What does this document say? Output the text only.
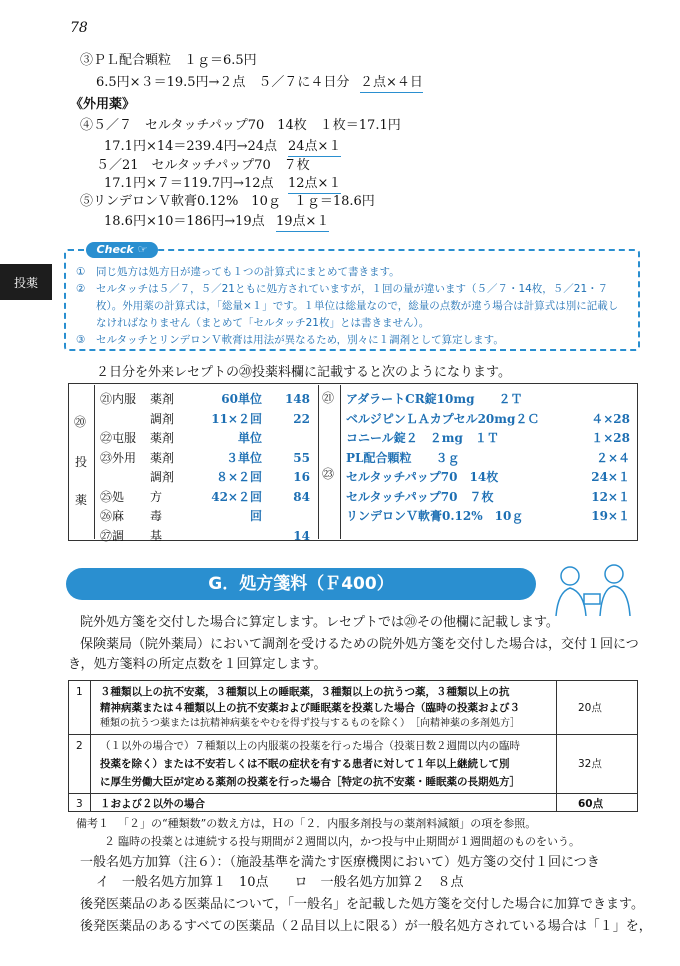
78
投薬
③ＰＬ配合顆粒　１ｇ＝6.5円
6.5円×３＝19.5円→２点　５／７に４日分 ２点×４日
《外用薬》
④５／７　セルタッチパップ70　14枚　１枚＝17.1円
17.1円×14＝239.4円→24点 24点×１
５／21　セルタッチパップ70　７枚
17.1円×７＝119.7円→12点 12点×１
⑤リンデロンＶ軟膏0.12%　10ｇ　１ｇ＝18.6円
18.6円×10＝186円→19点 19点×１
Check ☞
① 同じ処方は処方日が違っても１つの計算式にまとめて書きます。
② セルタッチは５／７，５／21ともに処方されていますが，１回の量が違います（５／７・14枚，５／21・７
枚）。外用薬の計算式は，「総量×１」です。１単位は総量なので，総量の点数が違う場合は計算式は別に記載し
なければなりません（まとめて「セルタッチ21枚」とは書きません）。
③ セルタッチとリンデロンＶ軟膏は用法が異なるため，別々に１調剤として算定します。
２日分を外来レセプトの⑳投薬料欄に記載すると次のようになります。
⑳
投
薬
㉑内服 薬剤	60単位	148
調剤	11×２回	22
㉒屯服 薬剤	単位
㉓外用 薬剤	３単位	55
調剤	８×２回	16
㉕処 方	42×２回	84
㉖麻 毒	回
㉗調 基	14
アダラートCR錠10mg　　２Ｔ
ベルジピンＬＡカプセル20mg２Ｃ	４×28
コニール錠２　２mg　１Ｔ	１×28
PL配合顆粒　　３ｇ	２×４
セルタッチパップ70　14枚	24×１
セルタッチパップ70　７枚	12×１
リンデロンＶ軟膏0.12%　10ｇ	19×１
㉑
㉓
G．処方箋料（Ｆ400）
院外処方箋を交付した場合に算定します。レセプトでは⑳その他欄に記載します。
保険薬局（院外薬局）において調剤を受けるための院外処方箋を交付した場合は，交付１回につ
き，処方箋料の所定点数を１回算定します。
1 ３種類以上の抗不安薬，３種類以上の睡眠薬，３種類以上の抗うつ薬，３種類以上の抗
精神病薬または４種類以上の抗不安薬および睡眠薬を投薬した場合（臨時の投薬および３
種類の抗うつ薬または抗精神病薬をやむを得ず投与するものを除く）　［向精神薬の多剤処方］
20点
2 （１以外の場合で）７種類以上の内服薬の投薬を行った場合（投薬日数２週間以内の臨時
投薬を除く）または不安若しくは不眠の症状を有する患者に対して１年以上継続して別
に厚生労働大臣が定める薬剤の投薬を行った場合［特定の抗不安薬・睡眠薬の長期処方］
32点
3 １および２以外の場合	60点
備考１ 「２」の“種類数”の数え方は，Ｈの「２．内服多剤投与の薬剤料減額」の項を参照。
２ 臨時の投薬とは連続する投与期間が２週間以内，かつ投与中止期間が１週間超のものをいう。
一般名処方加算（注６）：（施設基準を満たす医療機関において）処方箋の交付１回につき
イ　一般名処方加算１　10点　　ロ　一般名処方加算２　８点
後発医薬品のある医薬品について，「一般名」を記載した処方箋を交付した場合に加算できます。
後発医薬品のあるすべての医薬品（２品目以上に限る）が一般名処方されている場合は「１」を，
